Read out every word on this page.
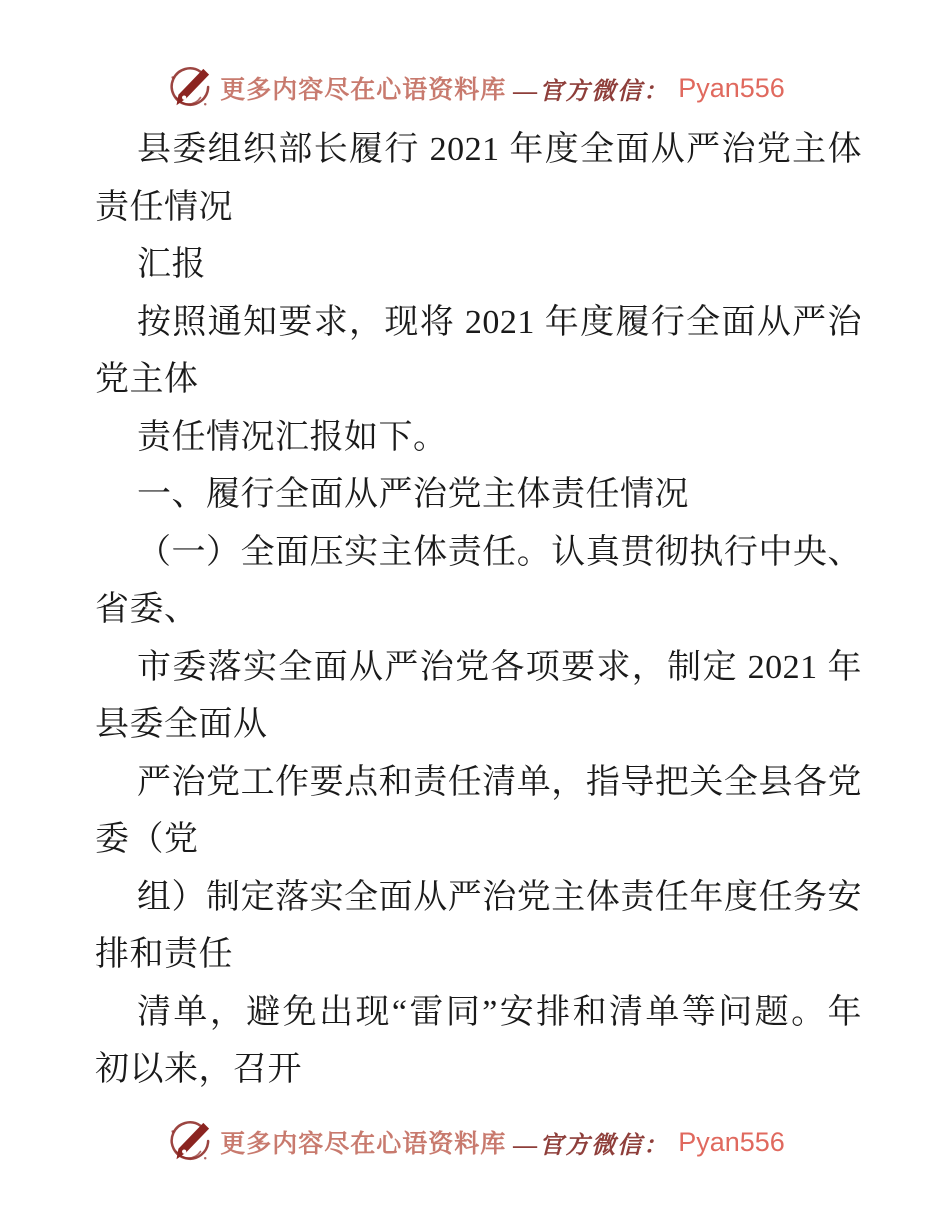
更多内容尽在心语资料库 —官方微信： Pyan556

县委组织部长履行 2021 年度全面从严治党主体

责任情况

汇报

按照通知要求，现将 2021 年度履行全面从严治

党主体

责任情况汇报如下。

一、履行全面从严治党主体责任情况

（一）全面压实主体责任。认真贯彻执行中央、

省委、

市委落实全面从严治党各项要求，制定 2021 年

县委全面从

严治党工作要点和责任清单，指导把关全县各党

委（党

组）制定落实全面从严治党主体责任年度任务安

排和责任

清单，避免出现“雷同”安排和清单等问题。年

初以来，召开

更多内容尽在心语资料库 —官方微信： Pyan556
